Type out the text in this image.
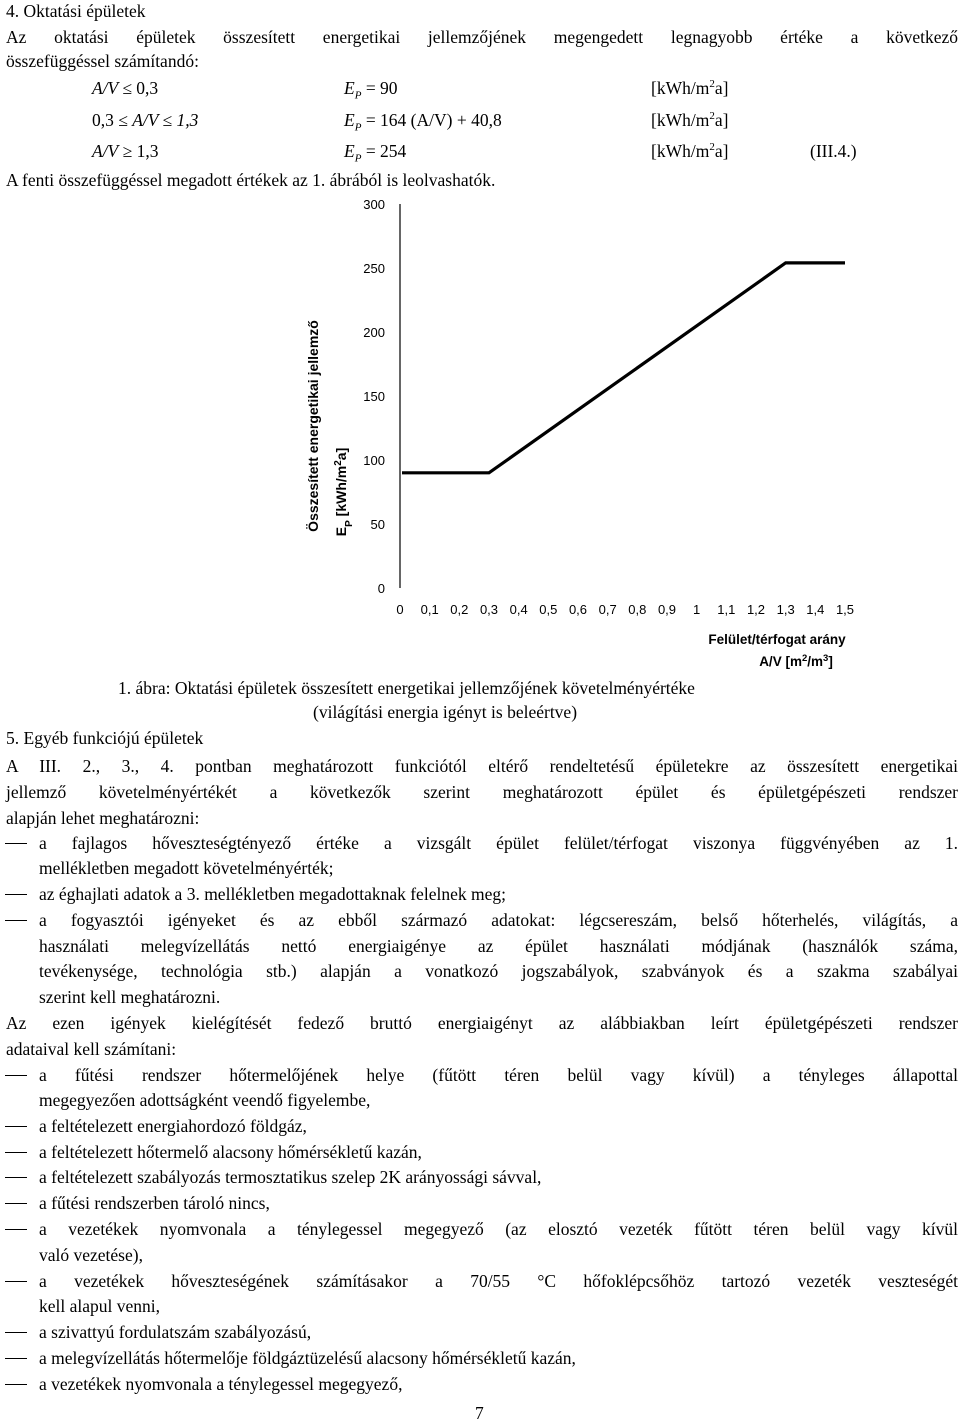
4. Oktatási épületek
Az oktatási épületek összesített energetikai jellemzőjének megengedett legnagyobb értéke a következő
összefüggéssel számítandó:
A/V ≤ 0,3	$E_P = 90$	$[kWh/m^2a]$
0,3 ≤ A/V ≤ 1,3	$E_P = 164$ (A/V) + 40,8	$[kWh/m^2a]$
A/V ≥ 1,3	$E_P = 254$	$[kWh/m^2a]$	(III.4.)
A fenti összefüggéssel megadott értékek az 1. ábrából is leolvashatók.
Összesített energetikai jellemző $E_P$ $[kWh/m^2a]$
0
50
100
150
200
250
300
0 0,1 0,2 0,3 0,4 0,5 0,6 0,7 0,8 0,9 1 1,1 1,2 1,3 1,4 1,5
Felület/térfogat arány
A/V $[m^2/m^3]$
1. ábra: Oktatási épületek összesített energetikai jellemzőjének követelményértéke
(világítási energia igényt is beleértve)
5. Egyéb funkciójú épületek
A III. 2., 3., 4. pontban meghatározott funkciótól eltérő rendeltetésű épületekre az összesített energetikai
jellemző követelményértékét a következők szerint meghatározott épület és épületgépészeti rendszer
alapján lehet meghatározni:
a fajlagos hőveszteségtényező értéke a vizsgált épület felület/térfogat viszonya függvényében az 1.
mellékletben megadott követelményérték;
az éghajlati adatok a 3. mellékletben megadottaknak felelnek meg;
a fogyasztói igényeket és az ebből származó adatokat: légcsereszám, belső hőterhelés, világítás, a
használati melegvízellátás nettó energiaigénye az épület használati módjának (használók száma,
tevékenysége, technológia stb.) alapján a vonatkozó jogszabályok, szabványok és a szakma szabályai
szerint kell meghatározni.
Az ezen igények kielégítését fedező bruttó energiaigényt az alábbiakban leírt épületgépészeti rendszer
adataival kell számítani:
a fűtési rendszer hőtermelőjének helye (fűtött téren belül vagy kívül) a tényleges állapottal
megegyezően adottságként veendő figyelembe,
a feltételezett energiahordozó földgáz,
a feltételezett hőtermelő alacsony hőmérsékletű kazán,
a feltételezett szabályozás termosztatikus szelep 2K arányossági sávval,
a fűtési rendszerben tároló nincs,
a vezetékek nyomvonala a ténylegessel megegyező (az elosztó vezeték fűtött téren belül vagy kívül
való vezetése),
a vezetékek hőveszteségének számításakor a 70/55 °C hőfoklépcsőhöz tartozó vezeték veszteségét
kell alapul venni,
a szivattyú fordulatszám szabályozású,
a melegvízellátás hőtermelője földgáztüzelésű alacsony hőmérsékletű kazán,
a vezetékek nyomvonala a ténylegessel megegyező,
7
